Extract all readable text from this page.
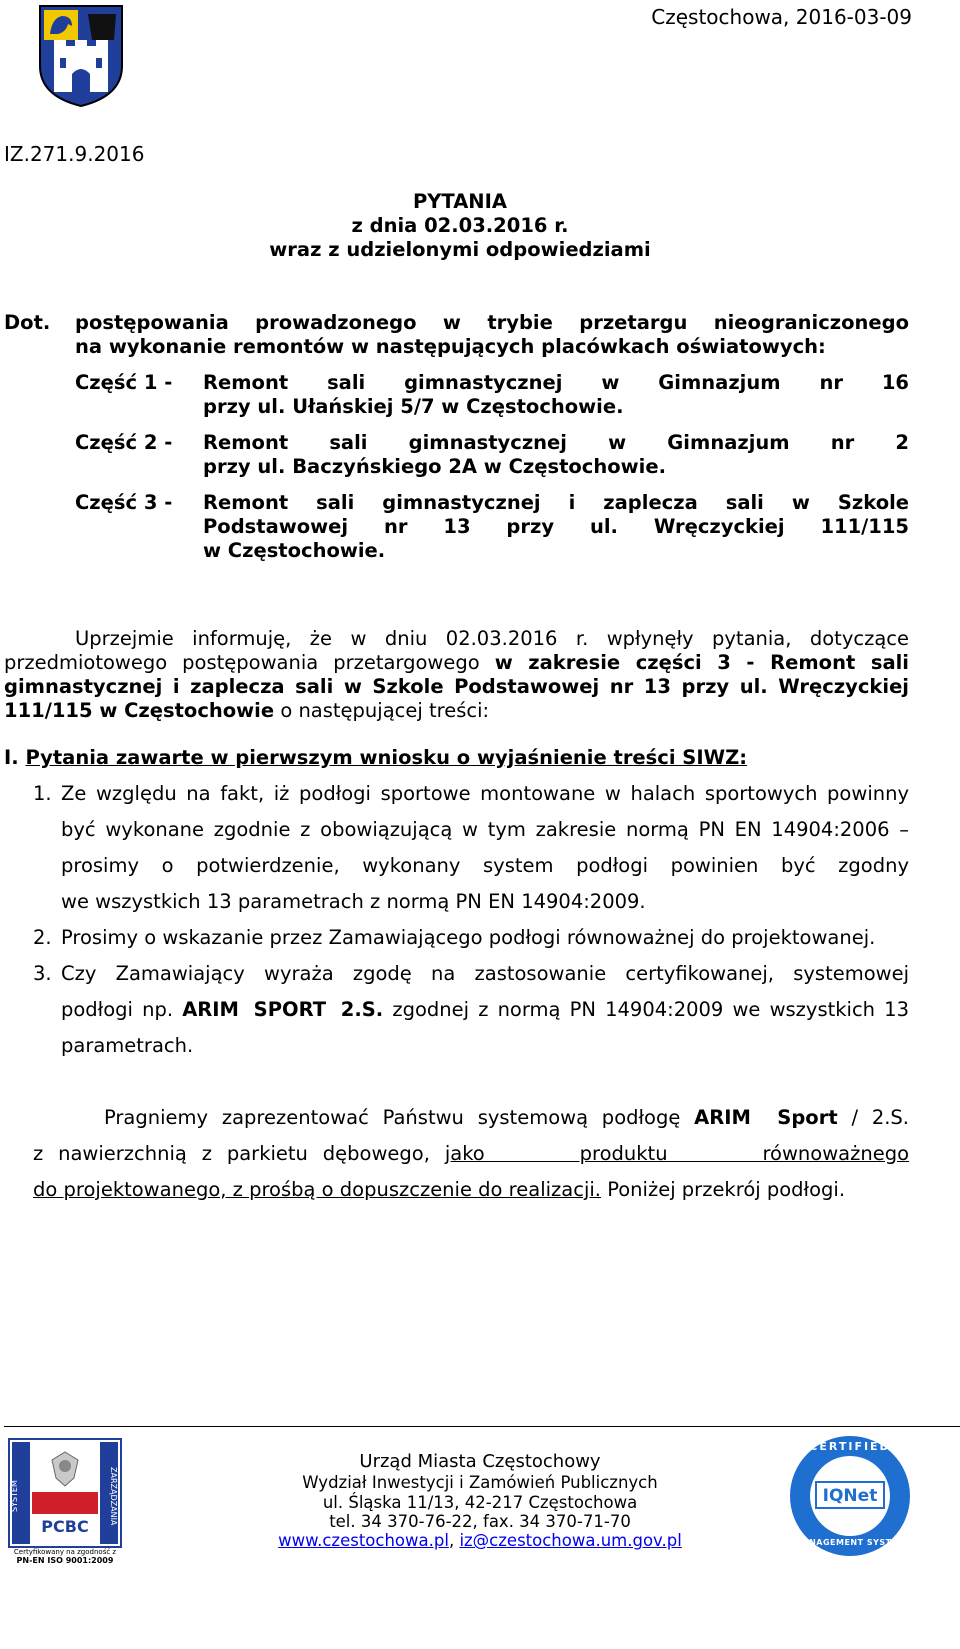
Częstochowa, 2016-03-09
IZ.271.9.2016
PYTANIA
z dnia 02.03.2016 r.
wraz z udzielonymi odpowiedziami
Dot. postępowania prowadzonego w trybie przetargu nieograniczonego
na wykonanie remontów w następujących placówkach oświatowych:
Część 1 - Remont sali gimnastycznej w Gimnazjum nr 16
przy ul. Ułańskiej 5/7 w Częstochowie.
Część 2 - Remont sali gimnastycznej w Gimnazjum nr 2
przy ul. Baczyńskiego 2A w Częstochowie.
Część 3 - Remont sali gimnastycznej i zaplecza sali w Szkole
Podstawowej nr 13 przy ul. Wręczyckiej 111/115
w Częstochowie.
Uprzejmie informuję, że w dniu 02.03.2016 r. wpłynęły pytania, dotyczące
przedmiotowego postępowania przetargowego w zakresie części 3 - Remont sali
gimnastycznej i zaplecza sali w Szkole Podstawowej nr 13 przy ul. Wręczyckiej
111/115 w Częstochowie o następującej treści:
I. Pytania zawarte w pierwszym wniosku o wyjaśnienie treści SIWZ:
1. Ze względu na fakt, iż podłogi sportowe montowane w halach sportowych powinny
być wykonane zgodnie z obowiązującą w tym zakresie normą PN EN 14904:2006 –
prosimy o potwierdzenie, wykonany system podłogi powinien być zgodny
we wszystkich 13 parametrach z normą PN EN 14904:2009.
2. Prosimy o wskazanie przez Zamawiającego podłogi równoważnej do projektowanej.
3. Czy Zamawiający wyraża zgodę na zastosowanie certyfikowanej, systemowej
podłogi np. ARIM SPORT 2.S. zgodnej z normą PN 14904:2009 we wszystkich 13
parametrach.
Pragniemy zaprezentować Państwu systemową podłogę ARIM Sport / 2.S.
z nawierzchnią z parkietu dębowego, jako produktu równoważnego
do projektowanego, z prośbą o dopuszczenie do realizacji. Poniżej przekrój podłogi.
SYSTEM	ZARZĄDZANIA
PCBC
Certyfikowany na zgodność z
PN-EN ISO 9001:2009
Urząd Miasta Częstochowy
Wydział Inwestycji i Zamówień Publicznych
ul. Śląska 11/13, 42-217 Częstochowa
tel. 34 370-76-22, fax. 34 370-71-70
www.czestochowa.pl, iz@czestochowa.um.gov.pl
CERTIFIED
IQNet
MANAGEMENT SYSTEM
